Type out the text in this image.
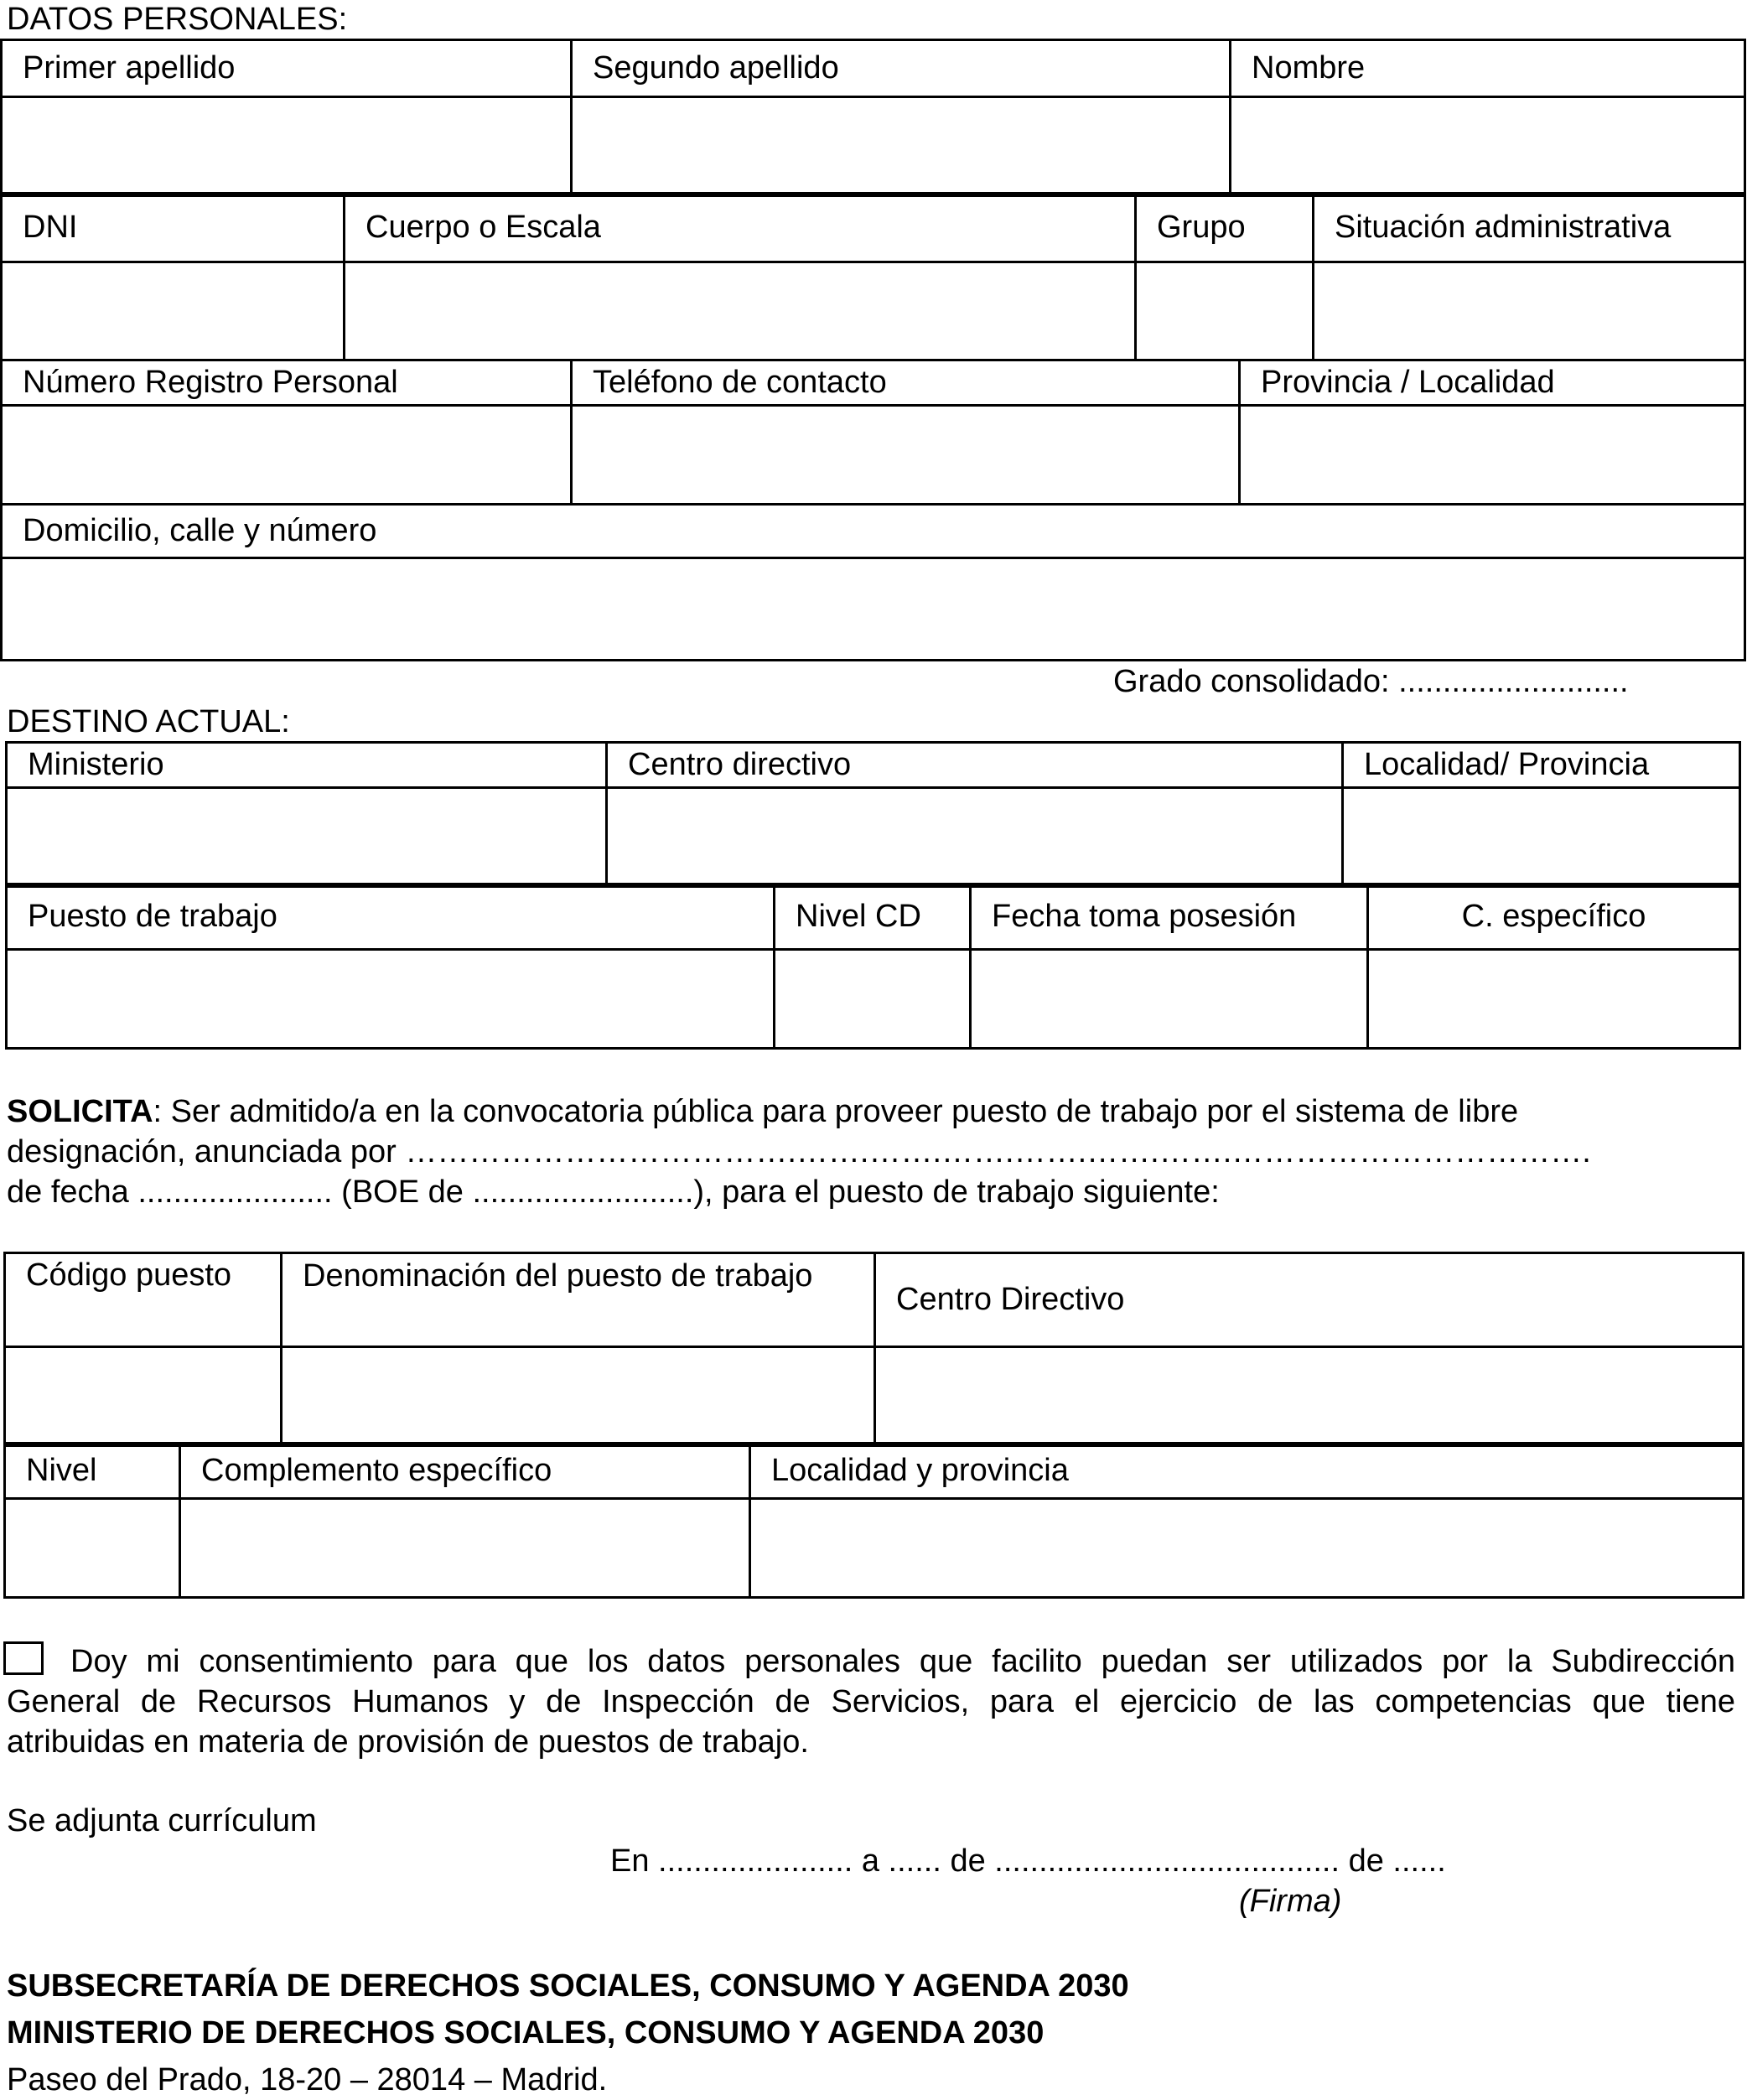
DATOS PERSONALES:
Primer apellido	Segundo apellido	Nombre

DNI	Cuerpo o Escala	Grupo	Situación administrativa

Número Registro Personal	Teléfono de contacto	Provincia / Localidad

Domicilio, calle y número

Grado consolidado: ..........................
DESTINO ACTUAL:
Ministerio	Centro directivo	Localidad/ Provincia

Puesto de trabajo	Nivel CD	Fecha toma posesión	C. específico

SOLICITA: Ser admitido/a en la convocatoria pública para proveer puesto de trabajo por el sistema de libre
designación, anunciada por ……………………………….…….…….…….…….…….…….…………………………….
de fecha ...................... (BOE de .........................), para el puesto de trabajo siguiente:
Código puesto	Denominación del puesto de trabajo	Centro Directivo

Nivel	Complemento específico	Localidad y provincia

Doy mi consentimiento para que los datos personales que facilito puedan ser utilizados por la Subdirección
General de Recursos Humanos y de Inspección de Servicios, para el ejercicio de las competencias que tiene
atribuidas en materia de provisión de puestos de trabajo.
Se adjunta currículum
En ...................... a ...... de ....................................... de ......
(Firma)
SUBSECRETARÍA DE DERECHOS SOCIALES, CONSUMO Y AGENDA 2030
MINISTERIO DE DERECHOS SOCIALES, CONSUMO Y AGENDA 2030
Paseo del Prado, 18-20 – 28014 – Madrid.
